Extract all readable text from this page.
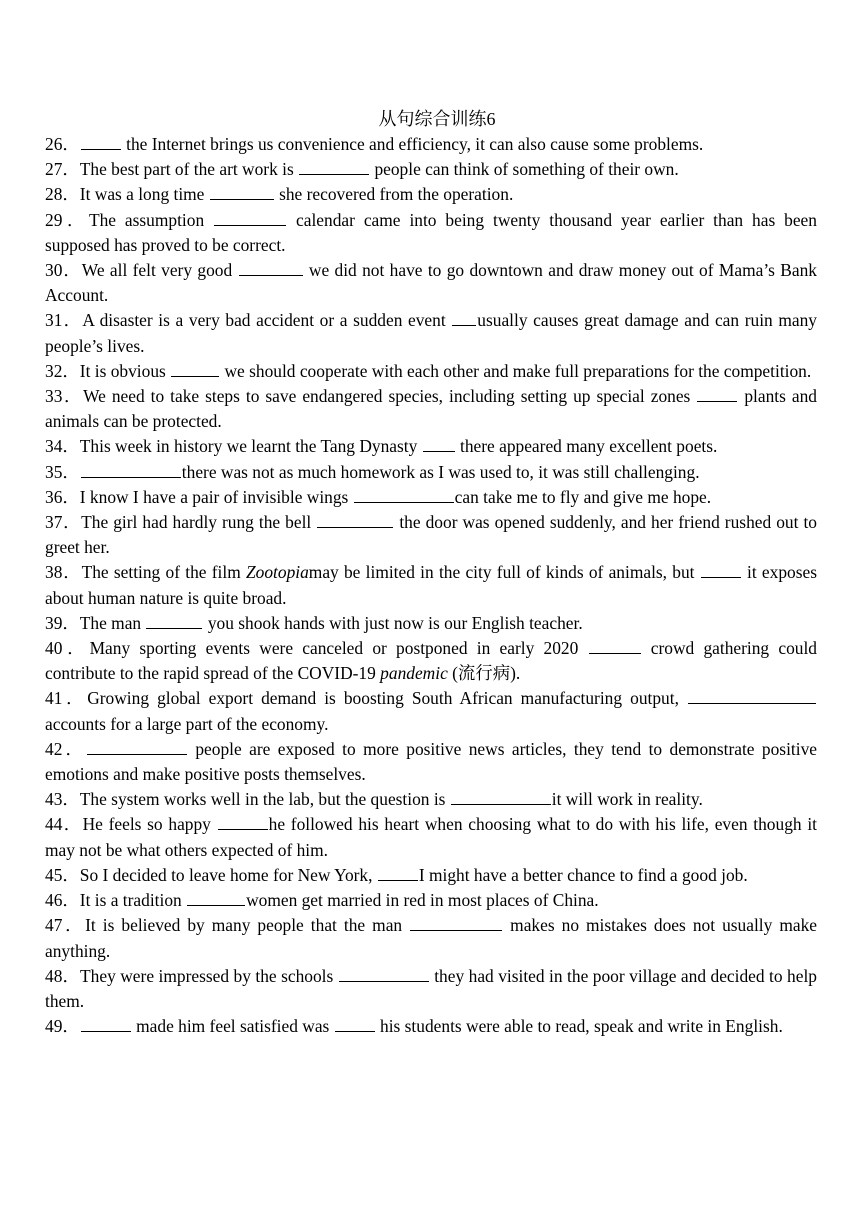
从句综合训练6
26． the Internet brings us convenience and efficiency, it can also cause some problems.
27．The best part of the art work is	people can think of something of their own.
28．It was a long time	she recovered from the operation.
29．The assumption	calendar came into being twenty thousand year earlier than has been supposed has proved to be correct.
30．We all felt very good	we did not have to go downtown and draw money out of Mama’s Bank Account.
31．A disaster is a very bad accident or a sudden event usually causes great damage and can ruin many people’s lives.
32．It is obvious	we should cooperate with each other and make full preparations for the competition.
33．We need to take steps to save endangered species, including setting up special zones  plants and animals can be protected.
34．This week in history we learnt the Tang Dynasty  there appeared many excellent poets.
35．	there was not as much homework as I was used to, it was still challenging.
36．I know I have a pair of invisible wings	can take me to fly and give me hope.
37．The girl had hardly rung the bell	the door was opened suddenly, and her friend rushed out to greet her.
38．The setting of the film Zootopiamay be limited in the city full of kinds of animals, but  it exposes about human nature is quite broad.
39．The man	you shook hands with just now is our English teacher.
40．Many sporting events were canceled or postponed in early 2020	crowd gathering could contribute to the rapid spread of the COVID-19 pandemic (流行病).
41．Growing global export demand is boosting South African manufacturing output, accounts for a large part of the economy.
42．	people are exposed to more positive news articles, they tend to demonstrate positive emotions and make positive posts themselves.
43．The system works well in the lab, but the question is	it will work in reality.
44．He feels so happy	he followed his heart when choosing what to do with his life, even though it may not be what others expected of him.
45．So I decided to leave home for New York, I might have a better chance to find a good job.
46．It is a tradition	women get married in red in most places of China.
47．It is believed by many people that the man	makes no mistakes does not usually make anything.
48．They were impressed by the schools	they had visited in the poor village and decided to help them.
49．	made him feel satisfied was  his students were able to read, speak and write in English.
